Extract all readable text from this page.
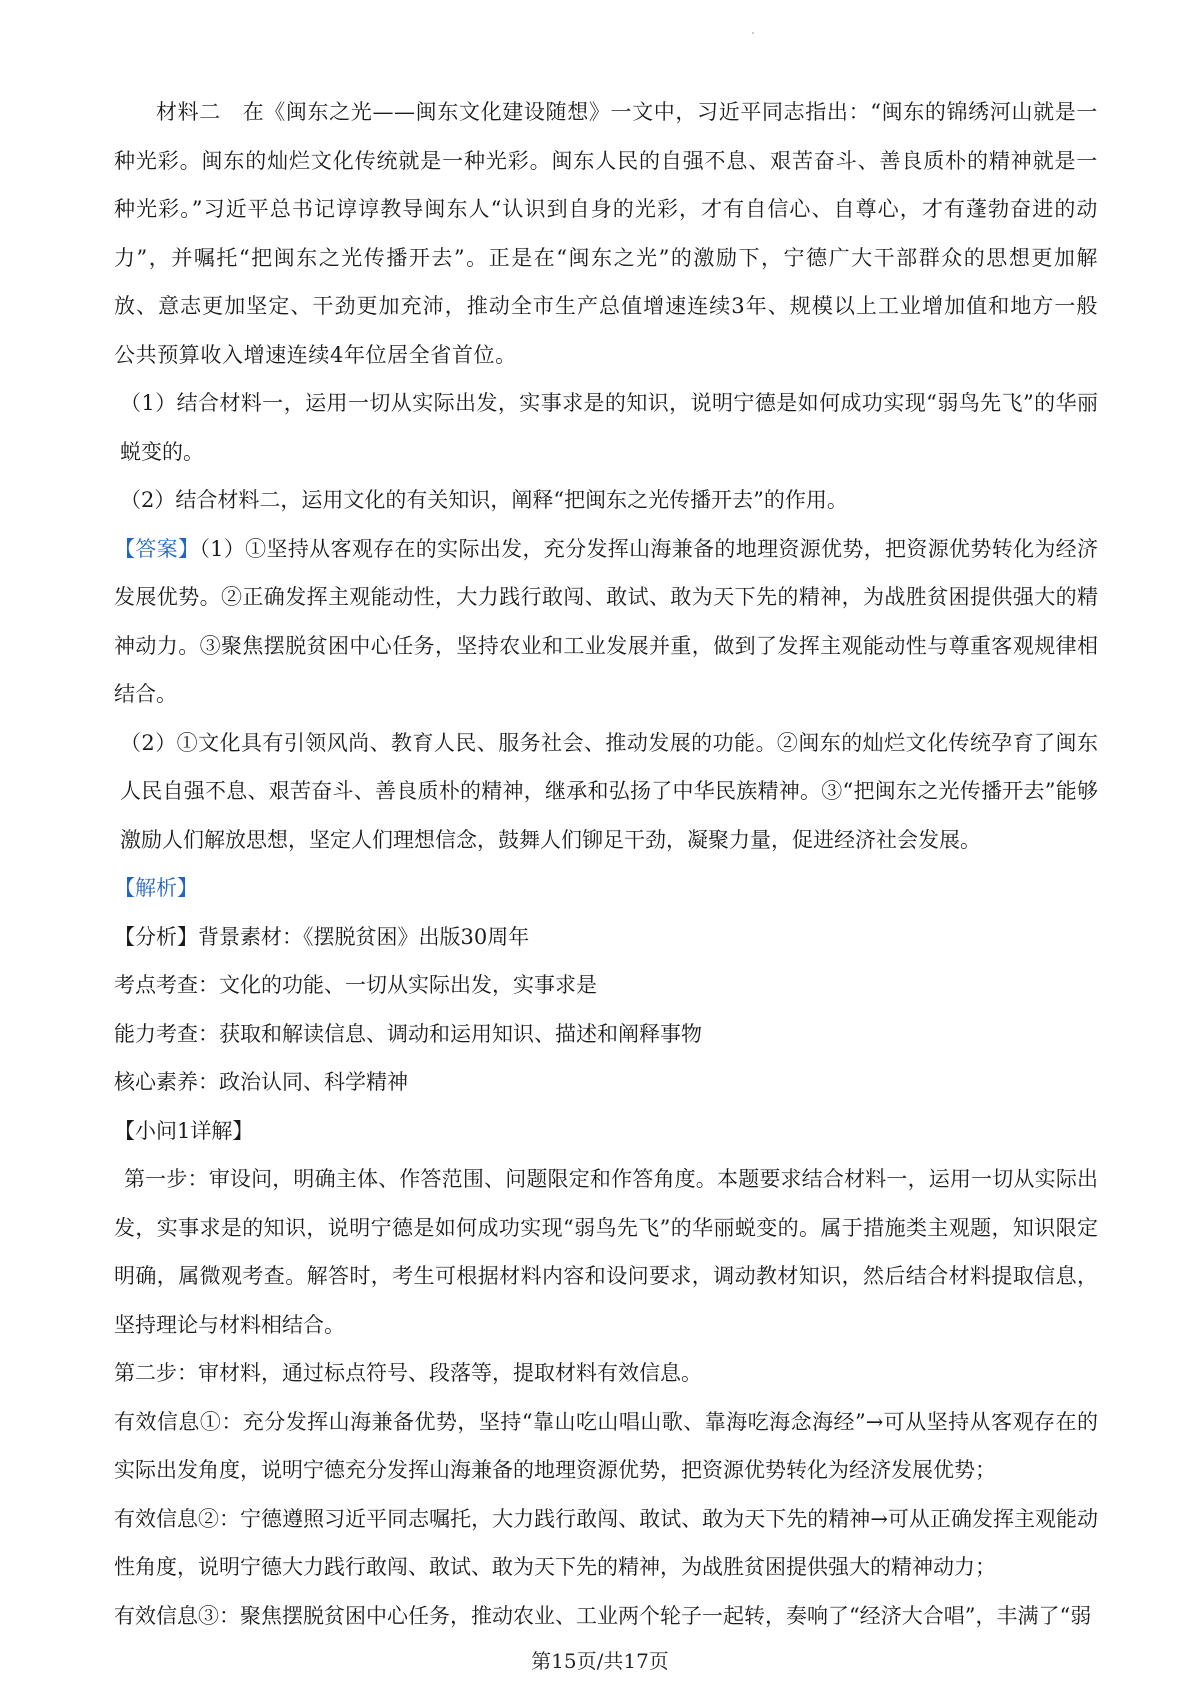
材料二　在《闽东之光——闽东文化建设随想》一文中，习近平同志指出：“闽东的锦绣河山就是一种光彩。闽东的灿烂文化传统就是一种光彩。闽东人民的自强不息、艰苦奋斗、善良质朴的精神就是一种光彩。”习近平总书记谆谆教导闽东人“认识到自身的光彩，才有自信心、自尊心，才有蓬勃奋进的动力”，并嘱托“把闽东之光传播开去”。正是在“闽东之光”的激励下，宁德广大干部群众的思想更加解放、意志更加坚定、干劲更加充沛，推动全市生产总值增速连续3年、规模以上工业增加值和地方一般公共预算收入增速连续4年位居全省首位。

（1）结合材料一，运用一切从实际出发，实事求是的知识，说明宁德是如何成功实现“弱鸟先飞”的华丽蜕变的。

（2）结合材料二，运用文化的有关知识，阐释“把闽东之光传播开去”的作用。

【答案】（1）①坚持从客观存在的实际出发，充分发挥山海兼备的地理资源优势，把资源优势转化为经济发展优势。②正确发挥主观能动性，大力践行敢闯、敢试、敢为天下先的精神，为战胜贫困提供强大的精神动力。③聚焦摆脱贫困中心任务，坚持农业和工业发展并重，做到了发挥主观能动性与尊重客观规律相结合。

（2）①文化具有引领风尚、教育人民、服务社会、推动发展的功能。②闽东的灿烂文化传统孕育了闽东人民自强不息、艰苦奋斗、善良质朴的精神，继承和弘扬了中华民族精神。③“把闽东之光传播开去”能够激励人们解放思想，坚定人们理想信念，鼓舞人们铆足干劲，凝聚力量，促进经济社会发展。

【解析】

【分析】背景素材：《摆脱贫困》出版30周年

考点考查：文化的功能、一切从实际出发，实事求是

能力考查：获取和解读信息、调动和运用知识、描述和阐释事物

核心素养：政治认同、科学精神

【小问1详解】

第一步：审设问，明确主体、作答范围、问题限定和作答角度。本题要求结合材料一，运用一切从实际出发，实事求是的知识，说明宁德是如何成功实现“弱鸟先飞”的华丽蜕变的。属于措施类主观题，知识限定明确，属微观考查。解答时，考生可根据材料内容和设问要求，调动教材知识，然后结合材料提取信息，坚持理论与材料相结合。

第二步：审材料，通过标点符号、段落等，提取材料有效信息。

有效信息①：充分发挥山海兼备优势，坚持“靠山吃山唱山歌、靠海吃海念海经”→可从坚持从客观存在的实际出发角度，说明宁德充分发挥山海兼备的地理资源优势，把资源优势转化为经济发展优势；

有效信息②：宁德遵照习近平同志嘱托，大力践行敢闯、敢试、敢为天下先的精神→可从正确发挥主观能动性角度，说明宁德大力践行敢闯、敢试、敢为天下先的精神，为战胜贫困提供强大的精神动力；

有效信息③：聚焦摆脱贫困中心任务，推动农业、工业两个轮子一起转，奏响了“经济大合唱”，丰满了“弱

第15页/共17页
